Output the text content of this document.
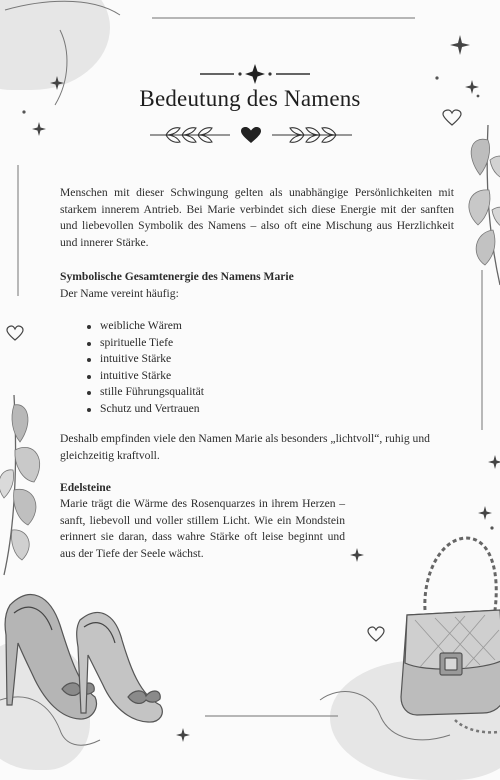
Bedeutung des Namens
Menschen mit dieser Schwingung gelten als unabhängige Persönlichkeiten mit starkem innerem Antrieb. Bei Marie verbindet sich diese Energie mit der sanften und liebevollen Symbolik des Namens – also oft eine Mischung aus Herzlichkeit und innerer Stärke.
Symbolische Gesamtenergie des Namens Marie
Der Name vereint häufig:
weibliche Wärem
spirituelle Tiefe
intuitive Stärke
intuitive Stärke
stille Führungsqualität
Schutz und Vertrauen
Deshalb empfinden viele den Namen Marie als besonders „lichtvoll“, ruhig und gleichzeitig kraftvoll.
Edelsteine
Marie trägt die Wärme des Rosenquarzes in ihrem Herzen – sanft, liebevoll und voller stillem Licht. Wie ein Mondstein erinnert sie daran, dass wahre Stärke oft leise beginnt und aus der Tiefe der Seele wächst.
